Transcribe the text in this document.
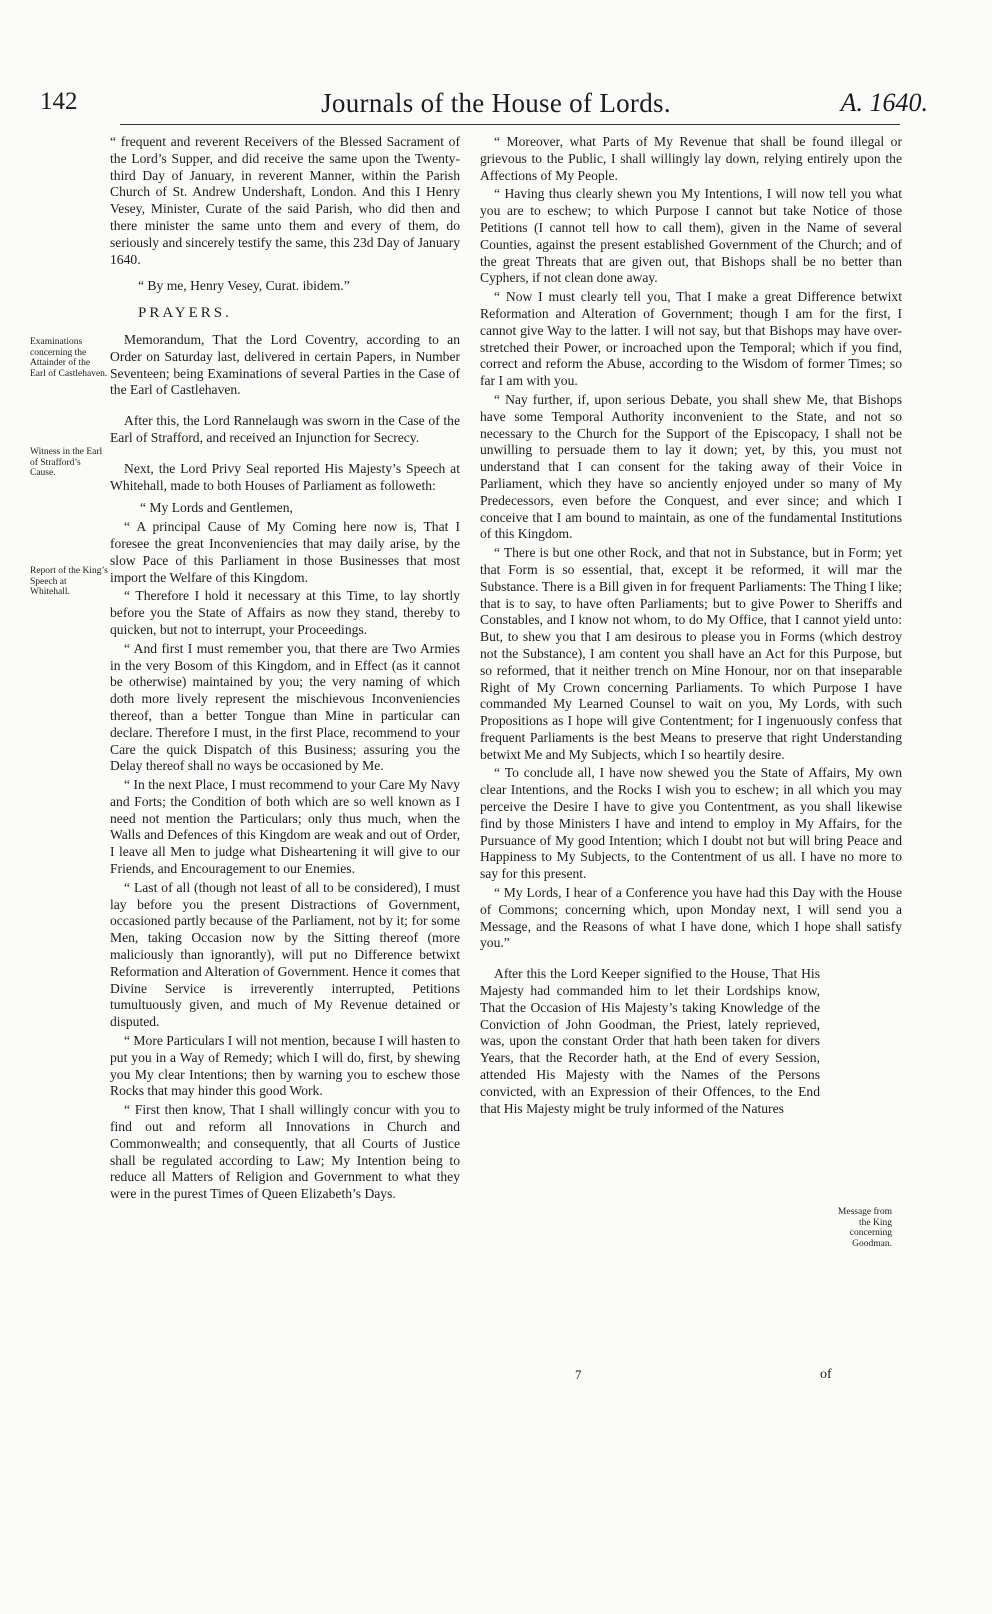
142	Journals of the House of Lords.	A. 1640.

“ frequent and reverent Receivers of the Blessed Sacrament of the Lord’s Supper, and did receive the same upon the Twenty-third Day of January, in reverent Manner, within the Parish Church of St. Andrew Undershaft, London. And this I Henry Vesey, Minister, Curate of the said Parish, who did then and there minister the same unto them and every of them, do seriously and sincerely testify the same, this 23d Day of January 1640.

“ By me, Henry Vesey, Curat. ibidem.”

PRAYERS.

Memorandum, That the Lord Coventry, according to an Order on Saturday last, delivered in certain Papers, in Number Seventeen; being Examinations of several Parties in the Case of the Earl of Castlehaven.

After this, the Lord Rannelaugh was sworn in the Case of the Earl of Strafford, and received an Injunction for Secrecy.

Next, the Lord Privy Seal reported His Majesty’s Speech at Whitehall, made to both Houses of Parliament as followeth:

“ My Lords and Gentlemen,

“ A principal Cause of My Coming here now is, That I foresee the great Inconveniencies that may daily arise, by the slow Pace of this Parliament in those Businesses that most import the Welfare of this Kingdom.

“ Therefore I hold it necessary at this Time, to lay shortly before you the State of Affairs as now they stand, thereby to quicken, but not to interrupt, your Proceedings.

“ And first I must remember you, that there are Two Armies in the very Bosom of this Kingdom, and in Effect (as it cannot be otherwise) maintained by you; the very naming of which doth more lively represent the mischievous Inconveniencies thereof, than a better Tongue than Mine in particular can declare. Therefore I must, in the first Place, recommend to your Care the quick Dispatch of this Business; assuring you the Delay thereof shall no ways be occasioned by Me.

“ In the next Place, I must recommend to your Care My Navy and Forts; the Condition of both which are so well known as I need not mention the Particulars; only thus much, when the Walls and Defences of this Kingdom are weak and out of Order, I leave all Men to judge what Disheartening it will give to our Friends, and Encouragement to our Enemies.

“ Last of all (though not least of all to be considered), I must lay before you the present Distractions of Government, occasioned partly because of the Parliament, not by it; for some Men, taking Occasion now by the Sitting thereof (more maliciously than ignorantly), will put no Difference betwixt Reformation and Alteration of Government. Hence it comes that Divine Service is irreverently interrupted, Petitions tumultuously given, and much of My Revenue detained or disputed.

“ More Particulars I will not mention, because I will hasten to put you in a Way of Remedy; which I will do, first, by shewing you My clear Intentions; then by warning you to eschew those Rocks that may hinder this good Work.

“ First then know, That I shall willingly concur with you to find out and reform all Innovations in Church and Commonwealth; and consequently, that all Courts of Justice shall be regulated according to Law; My Intention being to reduce all Matters of Religion and Government to what they were in the purest Times of Queen Elizabeth’s Days.

“ Moreover, what Parts of My Revenue that shall be found illegal or grievous to the Public, I shall willingly lay down, relying entirely upon the Affections of My People.

“ Having thus clearly shewn you My Intentions, I will now tell you what you are to eschew; to which Purpose I cannot but take Notice of those Petitions (I cannot tell how to call them), given in the Name of several Counties, against the present established Government of the Church; and of the great Threats that are given out, that Bishops shall be no better than Cyphers, if not clean done away.

“ Now I must clearly tell you, That I make a great Difference betwixt Reformation and Alteration of Government; though I am for the first, I cannot give Way to the latter. I will not say, but that Bishops may have over-stretched their Power, or incroached upon the Temporal; which if you find, correct and reform the Abuse, according to the Wisdom of former Times; so far I am with you.

“ Nay further, if, upon serious Debate, you shall shew Me, that Bishops have some Temporal Authority inconvenient to the State, and not so necessary to the Church for the Support of the Episcopacy, I shall not be unwilling to persuade them to lay it down; yet, by this, you must not understand that I can consent for the taking away of their Voice in Parliament, which they have so anciently enjoyed under so many of My Predecessors, even before the Conquest, and ever since; and which I conceive that I am bound to maintain, as one of the fundamental Institutions of this Kingdom.

“ There is but one other Rock, and that not in Substance, but in Form; yet that Form is so essential, that, except it be reformed, it will mar the Substance. There is a Bill given in for frequent Parliaments: The Thing I like; that is to say, to have often Parliaments; but to give Power to Sheriffs and Constables, and I know not whom, to do My Office, that I cannot yield unto: But, to shew you that I am desirous to please you in Forms (which destroy not the Substance), I am content you shall have an Act for this Purpose, but so reformed, that it neither trench on Mine Honour, nor on that inseparable Right of My Crown concerning Parliaments. To which Purpose I have commanded My Learned Counsel to wait on you, My Lords, with such Propositions as I hope will give Contentment; for I ingenuously confess that frequent Parliaments is the best Means to preserve that right Understanding betwixt Me and My Subjects, which I so heartily desire.

“ To conclude all, I have now shewed you the State of Affairs, My own clear Intentions, and the Rocks I wish you to eschew; in all which you may perceive the Desire I have to give you Contentment, as you shall likewise find by those Ministers I have and intend to employ in My Affairs, for the Pursuance of My good Intention; which I doubt not but will bring Peace and Happiness to My Subjects, to the Contentment of us all. I have no more to say for this present.

“ My Lords, I hear of a Conference you have had this Day with the House of Commons; concerning which, upon Monday next, I will send you a Message, and the Reasons of what I have done, which I hope shall satisfy you.”

After this the Lord Keeper signified to the House, That His Majesty had commanded him to let their Lordships know, That the Occasion of His Majesty’s taking Knowledge of the Conviction of John Goodman, the Priest, lately reprieved, was, upon the constant Order that hath been taken for divers Years, that the Recorder hath, at the End of every Session, attended His Majesty with the Names of the Persons convicted, with an Expression of their Offences, to the End that His Majesty might be truly informed of the Natures

Examinations concerning the Attainder of the Earl of Castlehaven.
Witness in the Earl of Strafford’s Cause.
Report of the King’s Speech at Whitehall.
Message from the King concerning Goodman.
7	of
